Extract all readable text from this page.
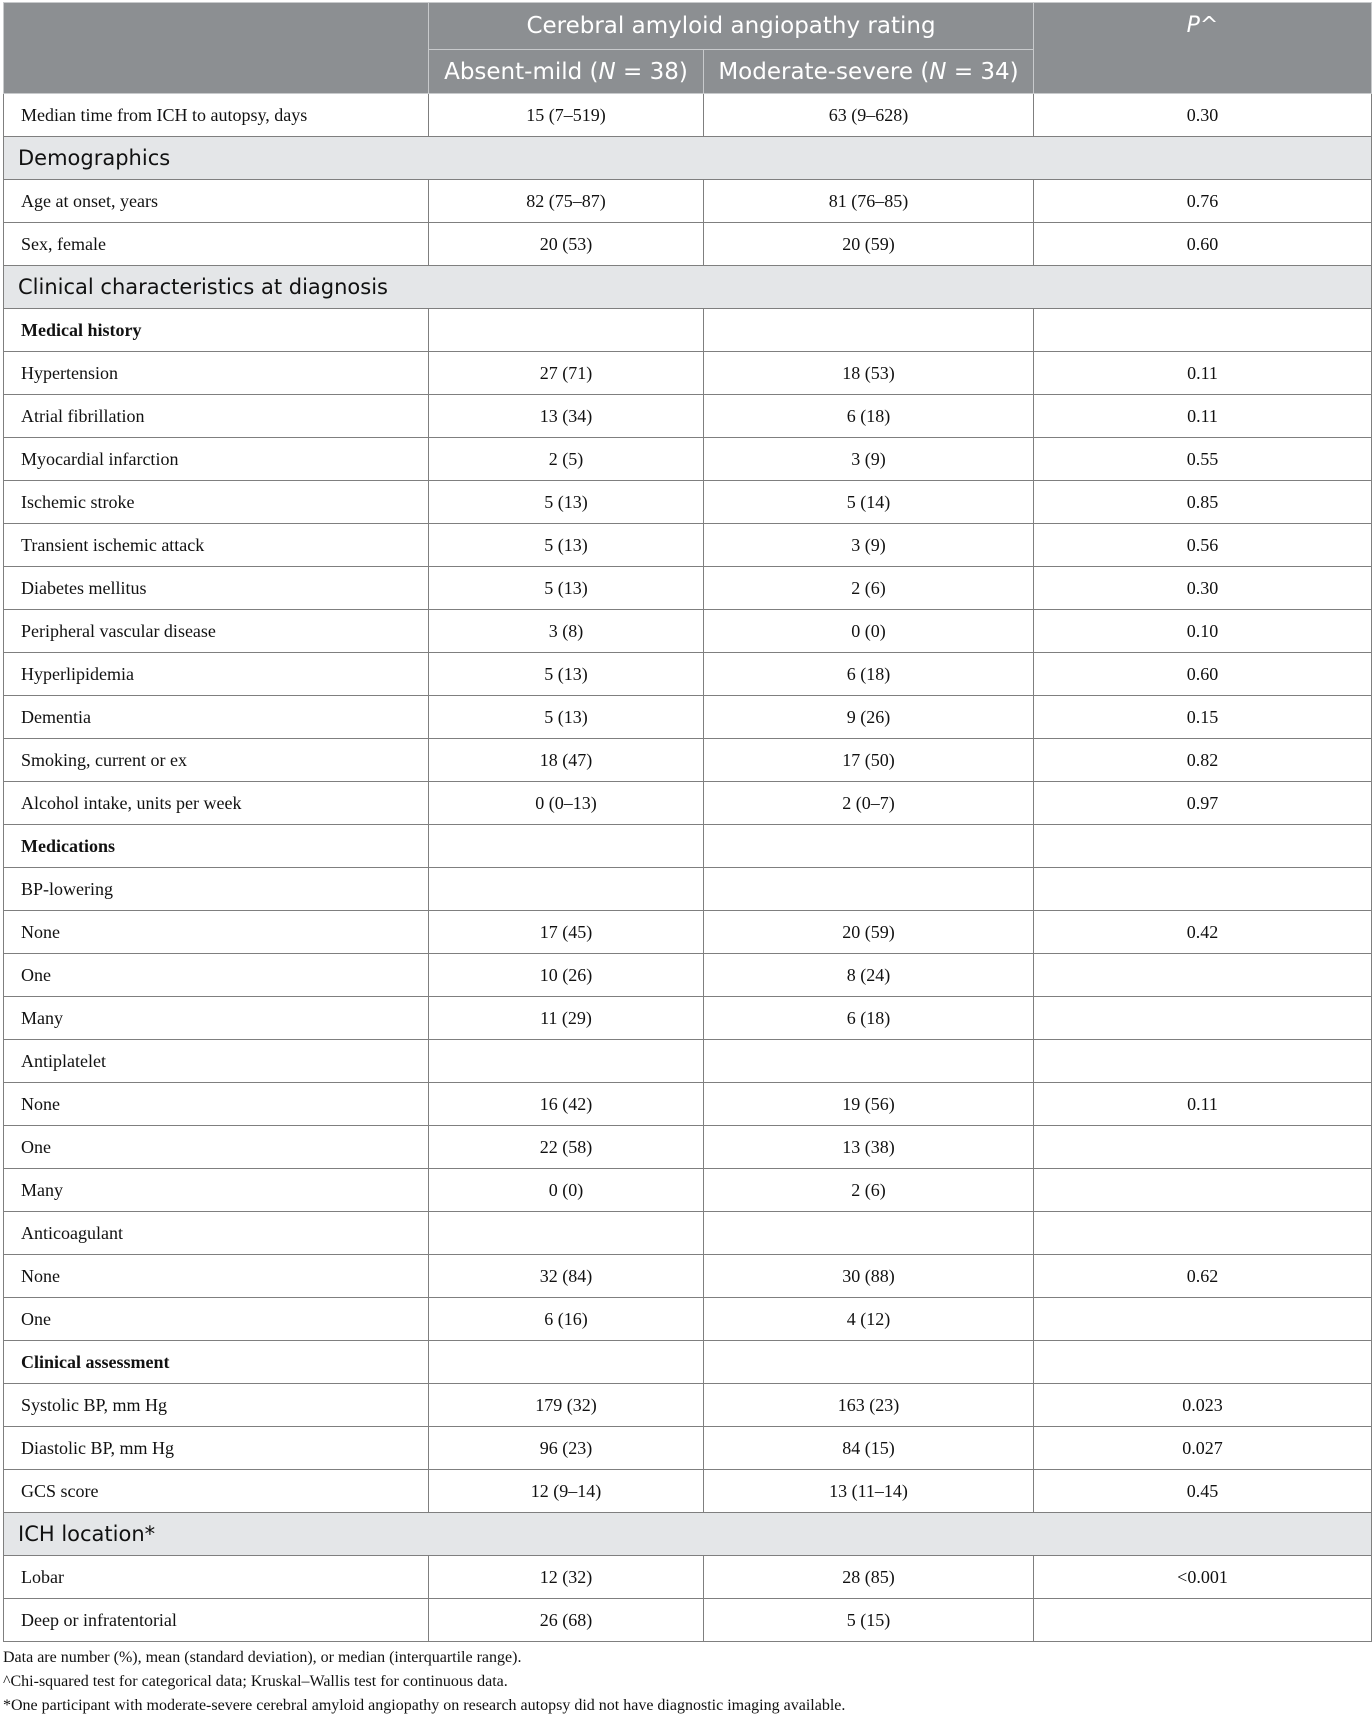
	Cerebral amyloid angiopathy rating		P^
	Absent-mild (N = 38)	Moderate-severe (N = 34)	
Median time from ICH to autopsy, days	15 (7–519)	63 (9–628)	0.30
Demographics			
Age at onset, years	82 (75–87)	81 (76–85)	0.76
Sex, female	20 (53)	20 (59)	0.60
Clinical characteristics at diagnosis			
Medical history			
Hypertension	27 (71)	18 (53)	0.11
Atrial fibrillation	13 (34)	6 (18)	0.11
Myocardial infarction	2 (5)	3 (9)	0.55
Ischemic stroke	5 (13)	5 (14)	0.85
Transient ischemic attack	5 (13)	3 (9)	0.56
Diabetes mellitus	5 (13)	2 (6)	0.30
Peripheral vascular disease	3 (8)	0 (0)	0.10
Hyperlipidemia	5 (13)	6 (18)	0.60
Dementia	5 (13)	9 (26)	0.15
Smoking, current or ex	18 (47)	17 (50)	0.82
Alcohol intake, units per week	0 (0–13)	2 (0–7)	0.97
Medications			
BP-lowering			
None	17 (45)	20 (59)	0.42
One	10 (26)	8 (24)	
Many	11 (29)	6 (18)	
Antiplatelet			
None	16 (42)	19 (56)	0.11
One	22 (58)	13 (38)	
Many	0 (0)	2 (6)	
Anticoagulant			
None	32 (84)	30 (88)	0.62
One	6 (16)	4 (12)	
Clinical assessment			
Systolic BP, mm Hg	179 (32)	163 (23)	0.023
Diastolic BP, mm Hg	96 (23)	84 (15)	0.027
GCS score	12 (9–14)	13 (11–14)	0.45
ICH location*			
Lobar	12 (32)	28 (85)	<0.001
Deep or infratentorial	26 (68)	5 (15)	
Data are number (%), mean (standard deviation), or median (interquartile range).
^Chi-squared test for categorical data; Kruskal–Wallis test for continuous data.
*One participant with moderate-severe cerebral amyloid angiopathy on research autopsy did not have diagnostic imaging available.
